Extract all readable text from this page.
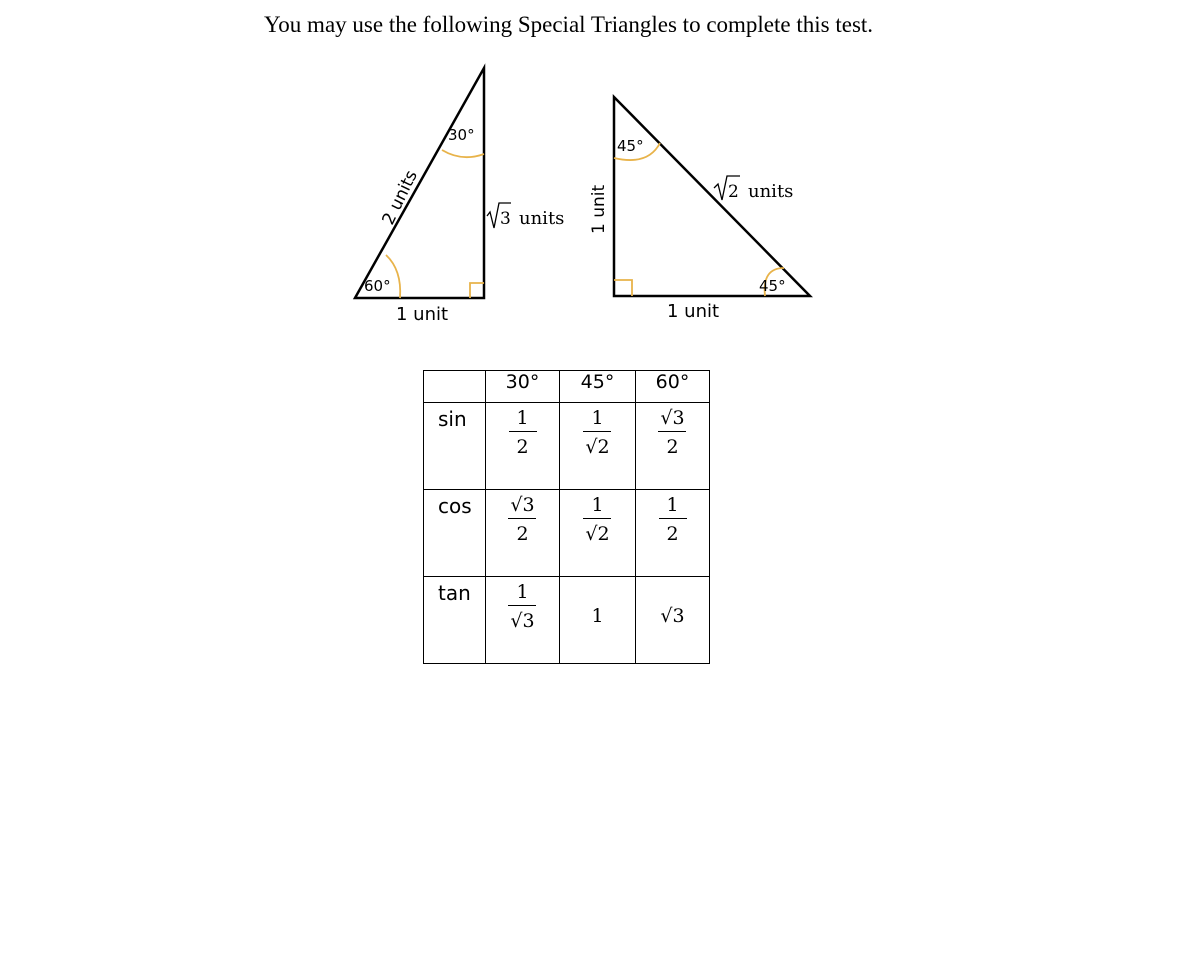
You may use the following Special Triangles to complete this test.
30°
60°
2 units	3 units
1 unit
45°
45°
2 units
1 unit
1 unit
	30°	45°	60°
sin	$\frac{1}{2}$	$\frac{1}{√2}$	$\frac{√3}{2}$

cos	$\frac{√3}{2}$	$\frac{1}{√2}$	$\frac{1}{2}$

tan	$\frac{1}{√3}$	1	√3
